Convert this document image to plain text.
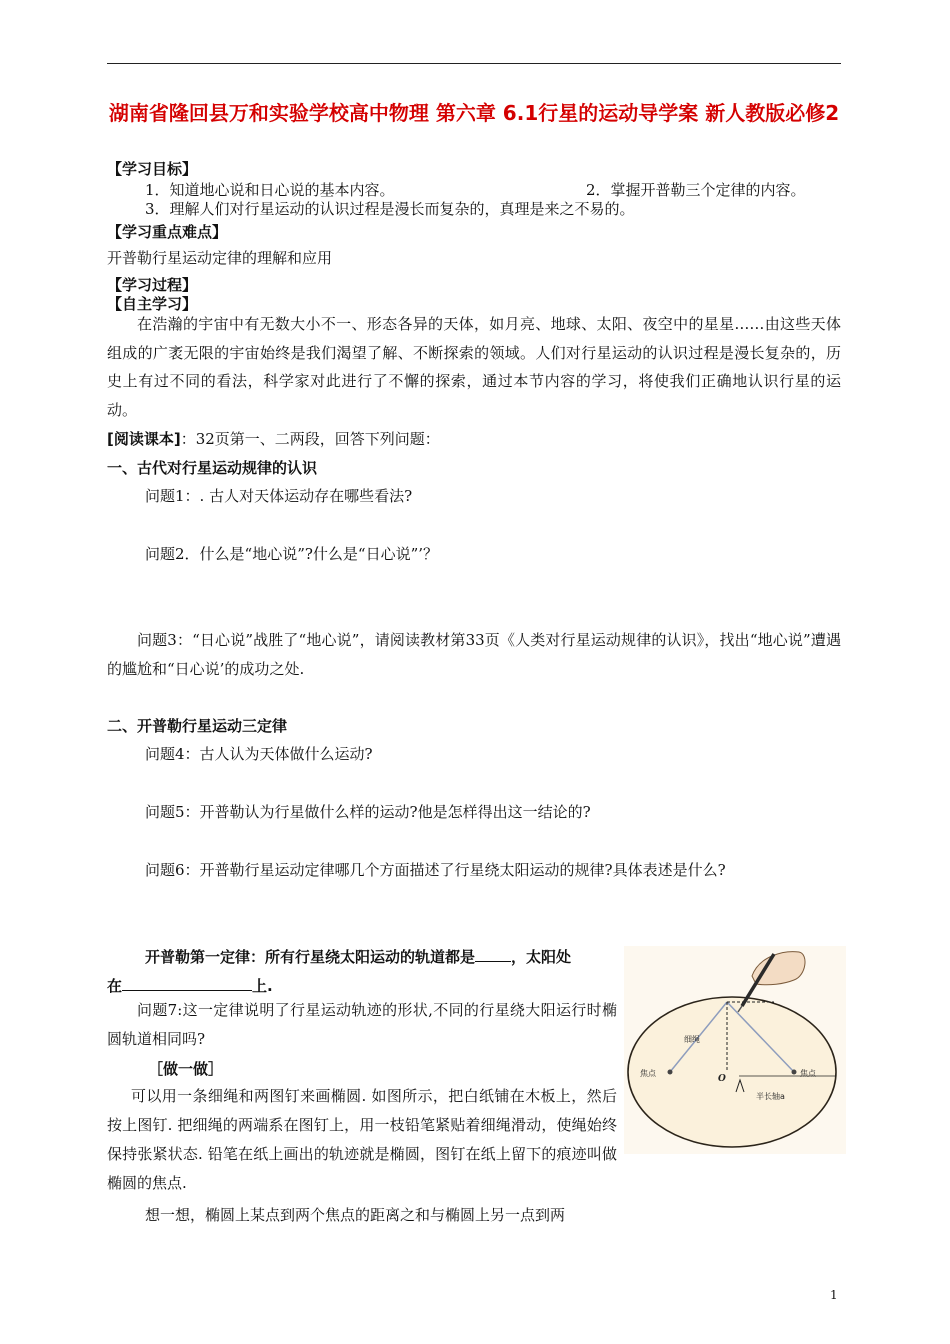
湖南省隆回县万和实验学校高中物理 第六章 6.1行星的运动导学案 新人教版必修2
【学习目标】
1．知道地心说和日心说的基本内容。	2．掌握开普勒三个定律的内容。
3．理解人们对行星运动的认识过程是漫长而复杂的，真理是来之不易的。
【学习重点难点】
开普勒行星运动定律的理解和应用
【学习过程】
【自主学习】
在浩瀚的宇宙中有无数大小不一、形态各异的天体，如月亮、地球、太阳、夜空中的星星……由这些天体组成的广袤无限的宇宙始终是我们渴望了解、不断探索的领域。人们对行星运动的认识过程是漫长复杂的，历史上有过不同的看法，科学家对此进行了不懈的探索，通过本节内容的学习，将使我们正确地认识行星的运动。
[阅读课本]：32页第一、二两段，回答下列问题：
一、古代对行星运动规律的认识
问题1：. 古人对天体运动存在哪些看法?
问题2．什么是“地心说”?什么是“日心说”’？
问题3：“日心说”战胜了“地心说”，请阅读教材第33页《人类对行星运动规律的认识》，找出“地心说”遭遇的尴尬和“日心说’的成功之处.
二、开普勒行星运动三定律
问题4：古人认为天体做什么运动?
问题5：开普勒认为行星做什么样的运动?他是怎样得出这一结论的?
问题6：开普勒行星运动定律哪几个方面描述了行星绕太阳运动的规律?具体表述是什么?
开普勒第一定律：所有行星绕太阳运动的轨道都是 ，太阳处
在	上.
问题7:这一定律说明了行星运动轨迹的形状,不同的行星绕大阳运行时椭圆轨道相同吗?
［做一做］
可以用一条细绳和两图钉来画椭圆. 如图所示，把白纸铺在木板上，然后按上图钉. 把细绳的两端系在图钉上，用一枝铅笔紧贴着细绳滑动，使绳始终保持张紧状态. 铅笔在纸上画出的轨迹就是椭圆，图钉在纸上留下的痕迹叫做椭圆的焦点.
想一想，椭圆上某点到两个焦点的距离之和与椭圆上另一点到两
细绳
焦点	焦点
O
半长轴a
1
